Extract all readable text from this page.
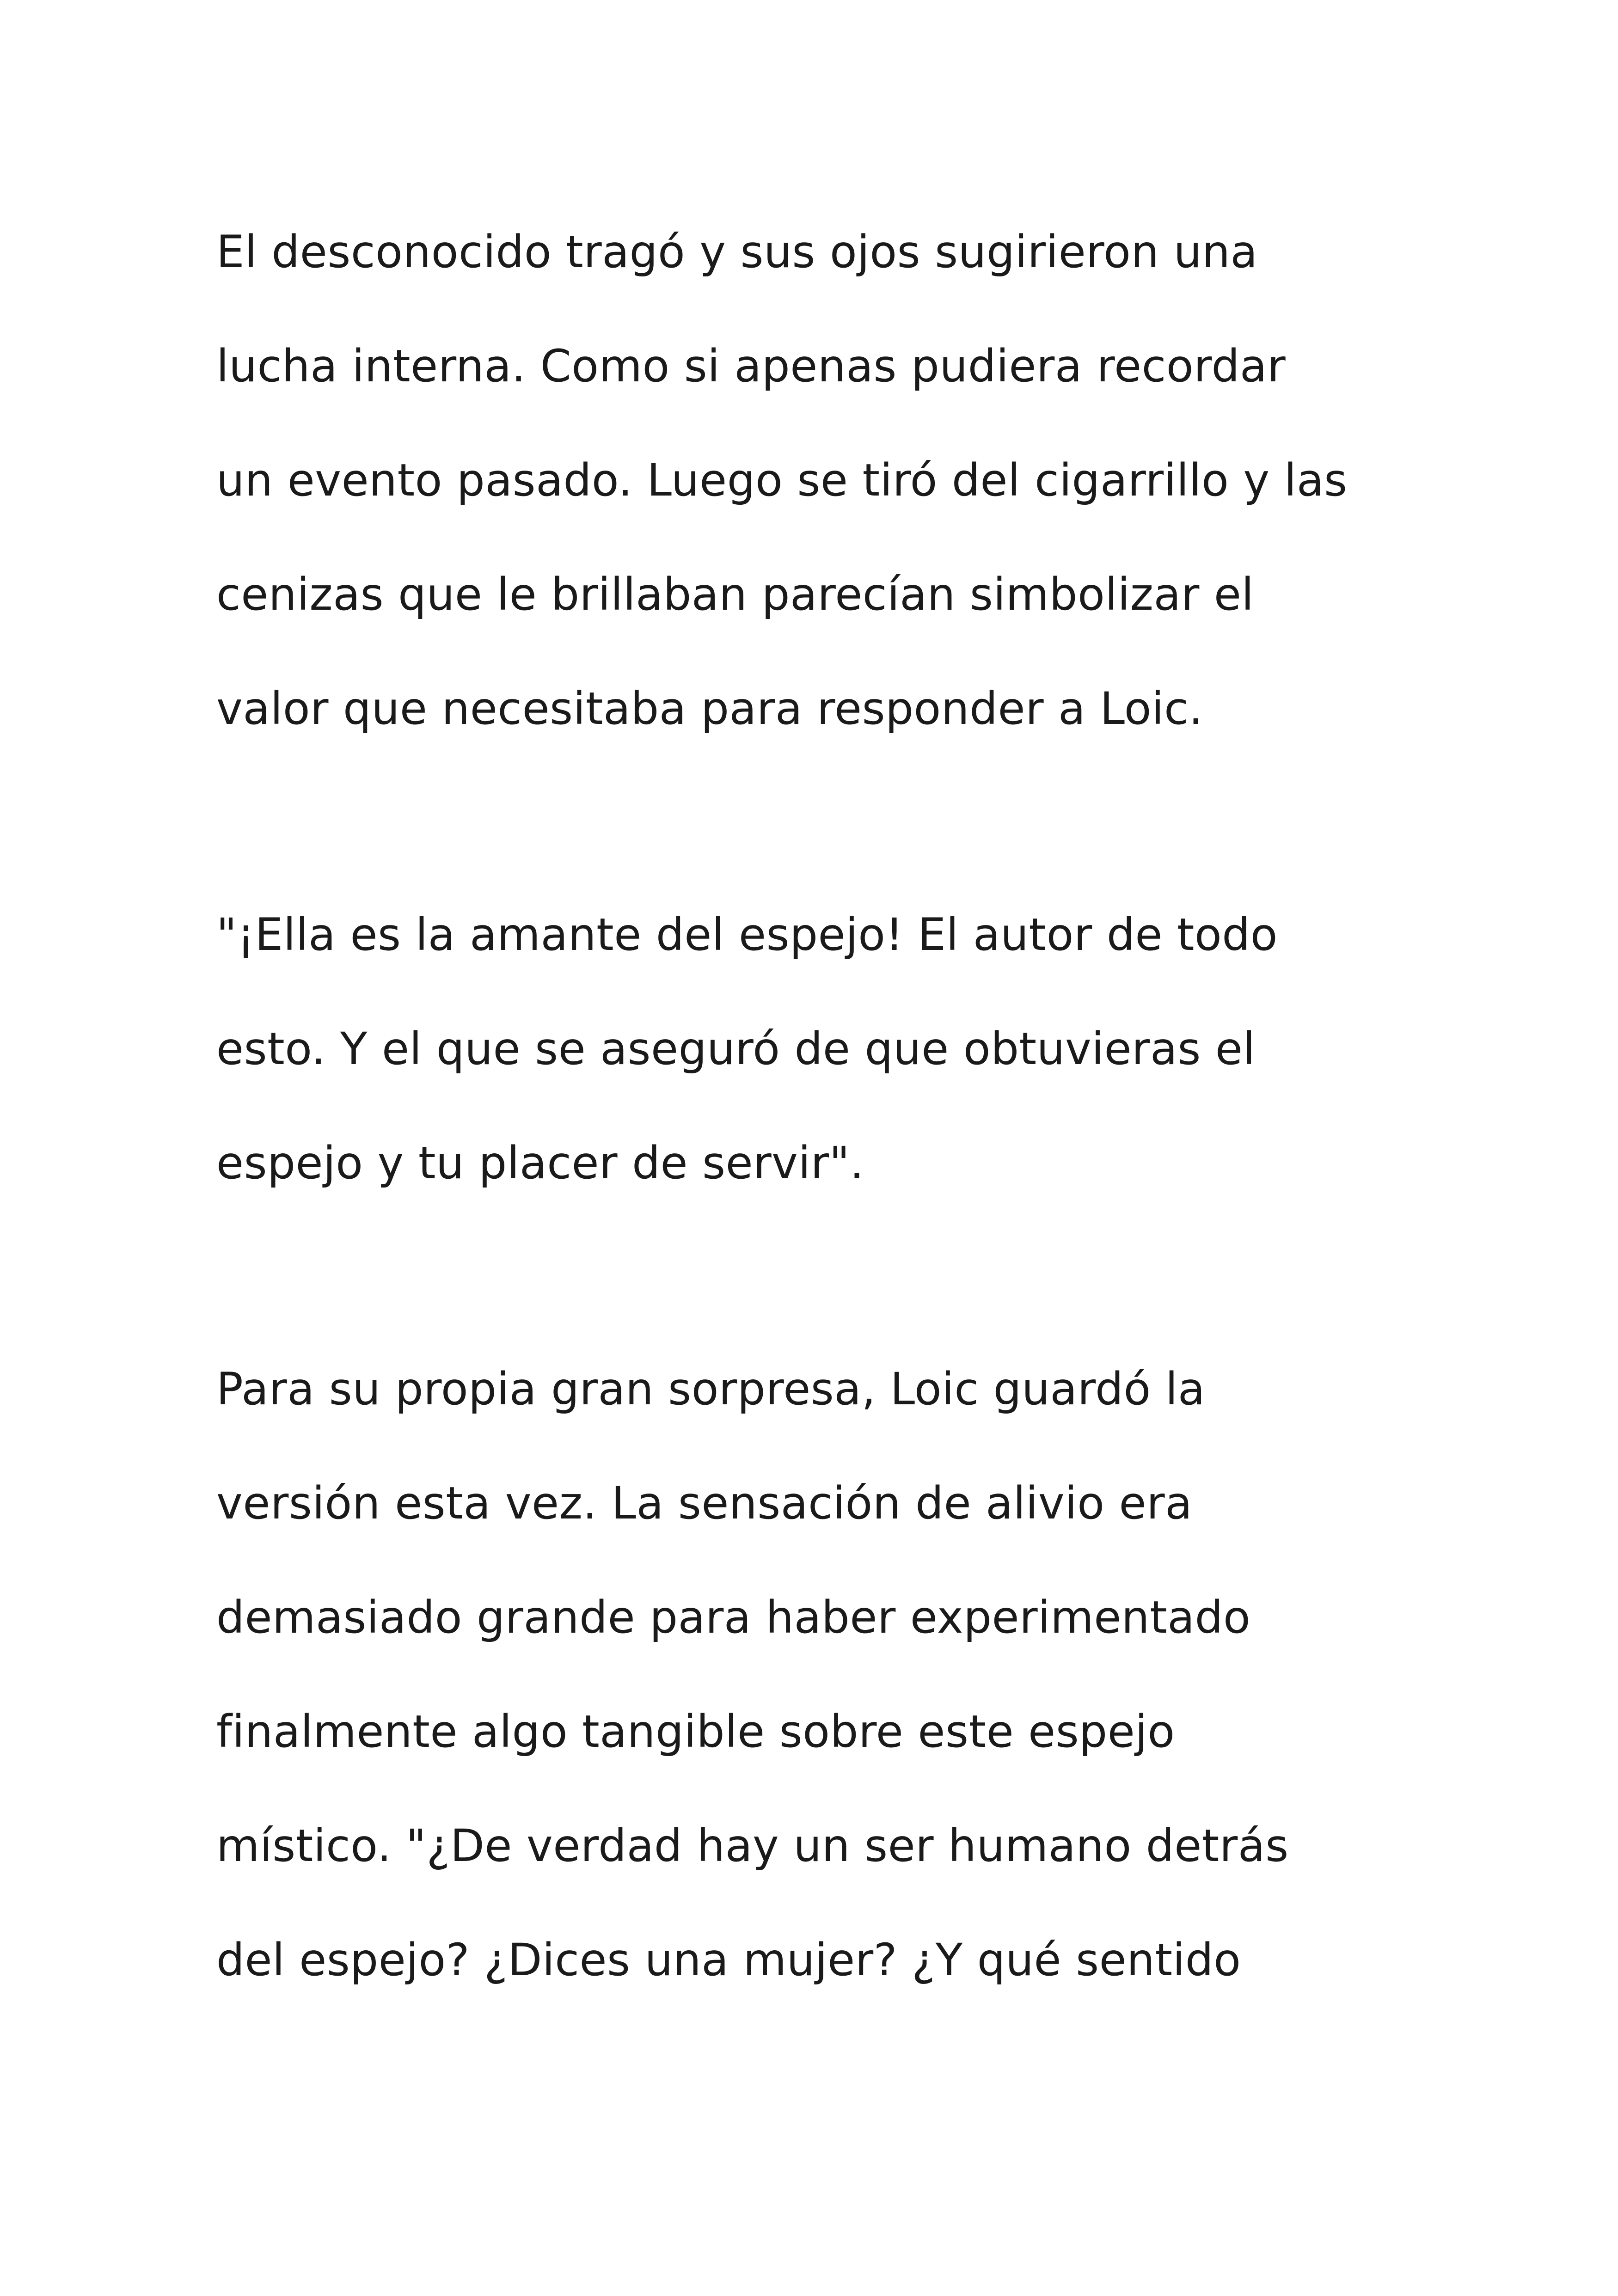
El desconocido tragó y sus ojos sugirieron una

lucha interna. Como si apenas pudiera recordar

un evento pasado. Luego se tiró del cigarrillo y las

cenizas que le brillaban parecían simbolizar el

valor que necesitaba para responder a Loic.

"¡Ella es la amante del espejo! El autor de todo

esto. Y el que se aseguró de que obtuvieras el

espejo y tu placer de servir".

Para su propia gran sorpresa, Loic guardó la

versión esta vez. La sensación de alivio era

demasiado grande para haber experimentado

finalmente algo tangible sobre este espejo

místico. "¿De verdad hay un ser humano detrás

del espejo? ¿Dices una mujer? ¿Y qué sentido
